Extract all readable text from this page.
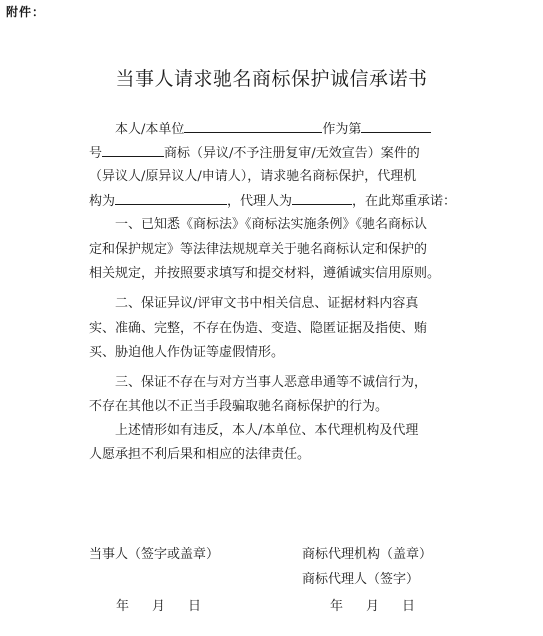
附件：
当事人请求驰名商标保护诚信承诺书
本人/本单位	作为第
号	商标（异议/不予注册复审/无效宣告）案件的
（异议人/原异议人/申请人），请求驰名商标保护，代理机
构为	，代理人为	，在此郑重承诺：
一、已知悉《商标法》《商标法实施条例》《驰名商标认
定和保护规定》等法律法规规章关于驰名商标认定和保护的
相关规定，并按照要求填写和提交材料，遵循诚实信用原则。
二、保证异议/评审文书中相关信息、证据材料内容真
实、准确、完整，不存在伪造、变造、隐匿证据及指使、贿
买、胁迫他人作伪证等虚假情形。
三、保证不存在与对方当事人恶意串通等不诚信行为，
不存在其他以不正当手段骗取驰名商标保护的行为。
上述情形如有违反，本人/本单位、本代理机构及代理
人愿承担不利后果和相应的法律责任。
当事人（签字或盖章）	商标代理机构（盖章）
商标代理人（签字）
年 月 日	年 月 日
